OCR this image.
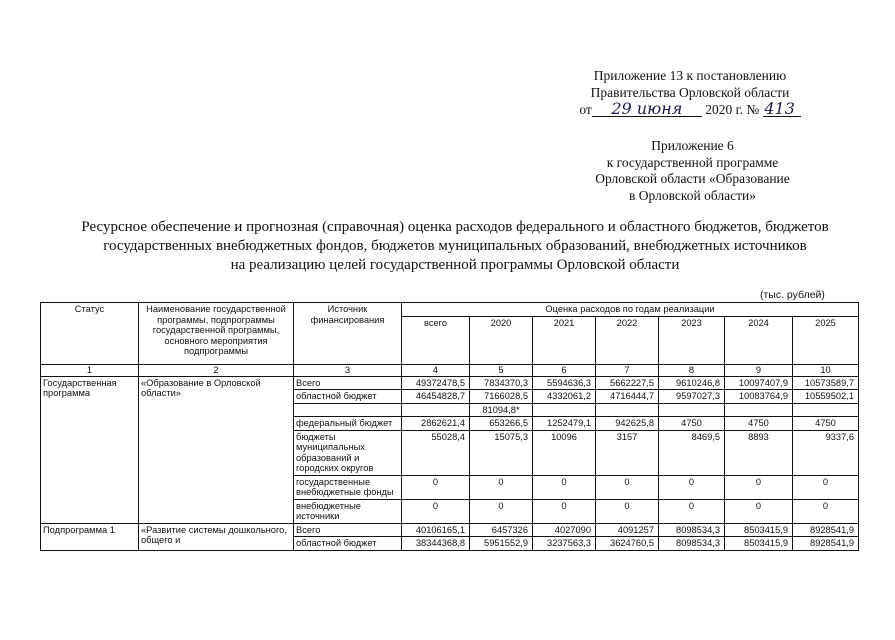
Приложение 13 к постановлению
Правительства Орловской области
от 29 июня 2020 г. № 413
Приложение 6
к государственной программе
Орловской области «Образование
в Орловской области»
Ресурсное обеспечение и прогнозная (справочная) оценка расходов федерального и областного бюджетов, бюджетов
государственных внебюджетных фондов, бюджетов муниципальных образований, внебюджетных источников
на реализацию целей государственной программы Орловской области
(тыс. рублей)
Статус	Наименование государственной программы, подпрограммы государственной программы, основного мероприятия подпрограммы	Источник финансирования	Оценка расходов по годам реализации						
			всего	2020	2021	2022	2023	2024	2025
1	2	3	4	5	6	7	8	9	10
Государственная программа	«Образование в Орловской области»	Всего	49372478,5	7834370,3	5594636,3	5662227,5	9610246,8	10097407,9	10573589,7
		областной бюджет	46454828,7	7166028,5	4332061,2	4716444,7	9597027,3	10083764,9	10559502,1
				81094,8*					
		федеральный бюджет	2862621,4	653266,5	1252479,1	942625,8	4750	4750	4750
		бюджеты муниципальных образований и городских округов	55028,4	15075,3	10096	3157	8469,5	8893	9337,6
		государственные внебюджетные фонды	0	0	0	0	0	0	0
		внебюджетные источники	0	0	0	0	0	0	0
Подпрограмма 1	«Развитие системы дошкольного, общего и	Всего	40106165,1	6457326	4027090	4091257	8098534,3	8503415,9	8928541,9
		областной бюджет	38344368,8	5951552,9	3237563,3	3624760,5	8098534,3	8503415,9	8928541,9
